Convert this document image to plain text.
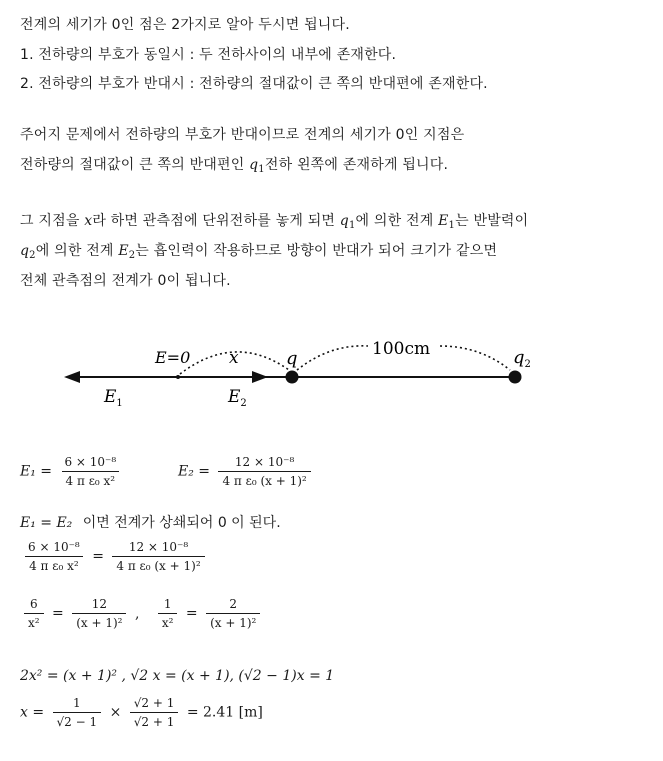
전계의 세기가 0인 점은 2가지로 알아 두시면 됩니다.
1. 전하량의 부호가 동일시 : 두 전하사이의 내부에 존재한다.
2. 전하량의 부호가 반대시 : 전하량의 절대값이 큰 쪽의 반대편에 존재한다.
주어지 문제에서 전하량의 부호가 반대이므로 전계의 세기가 0인 지점은
전하량의 절대값이 큰 쪽의 반대편인 $q_1$전하 왼쪽에 존재하게 됩니다.
그 지점을 x라 하면 관측점에 단위전하를 놓게 되면 $q_1$에 의한 전계 $E_1$는 반발력이
$q_2$에 의한 전계 $E_2$는 흡인력이 작용하므로 방향이 반대가 되어 크기가 같으면
전체 관측점의 전계가 0이 됩니다.
E=0 x	q	100cm	$q_2$
$E_1$	$E_2$
$E_1 = \frac{\text{6 × 10⁻⁸}}{\text{4 π ε₀ x²}}$	$E_2 = \frac{\text{12 × 10⁻⁸}}{\text{4 π ε₀ (x + 1)²}}$
E₁ = E₂ 이면 전계가 상쇄되어 0 이 된다.
$\frac{\text{6 × 10⁻⁸}}{\text{4 π ε₀ x²}} = \frac{\text{12 × 10⁻⁸}}{\text{4 π ε₀ (x + 1)²}}$
$\frac{6}{\text{x²}} = \frac{12}{\text{(x + 1)²}}$ , $\frac{1}{\text{x²}} = \frac{2}{\text{(x + 1)²}}$
2x² = (x + 1)² , √2 x = (x + 1), (√2 − 1)x = 1
$x = \frac{1}{√2 - 1} \times \frac{√2 + 1}{√2 + 1} = 2.41$ [m]
